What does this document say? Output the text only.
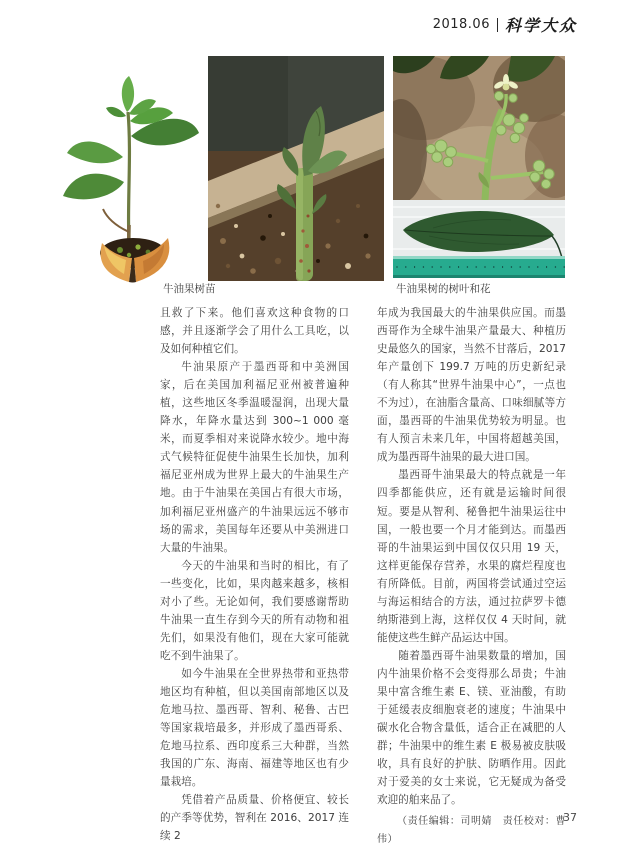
2018.06 科学大众
牛油果树苗	牛油果树的树叶和花

且救了下来。他们喜欢这种食物的口感，并且逐渐学会了用什么工具吃，以及如何种植它们。

牛油果原产于墨西哥和中美洲国家，后在美国加利福尼亚州被普遍种植，这些地区冬季温暖湿润，出现大量降水，年降水量达到 300~1 000 毫米，而夏季相对来说降水较少。地中海式气候特征促使牛油果生长加快，加利福尼亚州成为世界上最大的牛油果生产地。由于牛油果在美国占有很大市场，加利福尼亚州盛产的牛油果远远不够市场的需求，美国每年还要从中美洲进口大量的牛油果。

今天的牛油果和当时的相比，有了一些变化，比如，果肉越来越多，核相对小了些。无论如何，我们要感谢帮助牛油果一直生存到今天的所有动物和祖先们，如果没有他们，现在大家可能就吃不到牛油果了。

如今牛油果在全世界热带和亚热带地区均有种植，但以美国南部地区以及危地马拉、墨西哥、智利、秘鲁、古巴等国家栽培最多，并形成了墨西哥系、危地马拉系、西印度系三大种群，当然我国的广东、海南、福建等地区也有少量栽培。

凭借着产品质量、价格便宜、较长的产季等优势，智利在 2016、2017 连续 2

年成为我国最大的牛油果供应国。而墨西哥作为全球牛油果产量最大、种植历史最悠久的国家，当然不甘落后，2017 年产量创下 199.7 万吨的历史新纪录（有人称其“世界牛油果中心”，一点也不为过），在油脂含量高、口味细腻等方面，墨西哥的牛油果优势较为明显。也有人预言未来几年，中国将超越美国，成为墨西哥牛油果的最大进口国。

墨西哥牛油果最大的特点就是一年四季都能供应，还有就是运输时间很短。要是从智利、秘鲁把牛油果运往中国，一般也要一个月才能到达。而墨西哥的牛油果运到中国仅仅只用 19 天，这样更能保存营养，水果的腐烂程度也有所降低。目前，两国将尝试通过空运与海运相结合的方法，通过拉萨罗卡德纳斯港到上海，这样仅仅 4 天时间，就能使这些生鲜产品运达中国。

随着墨西哥牛油果数量的增加，国内牛油果价格不会变得那么昂贵；牛油果中富含维生素 E、镁、亚油酸，有助于延缓表皮细胞衰老的速度；牛油果中碳水化合物含量低，适合正在减肥的人群；牛油果中的维生素 E 极易被皮肤吸收，具有良好的护肤、防晒作用。因此对于爱美的女士来说，它无疑成为备受欢迎的舶来品了。

（责任编辑：司明婧　责任校对：曹伟）

37
